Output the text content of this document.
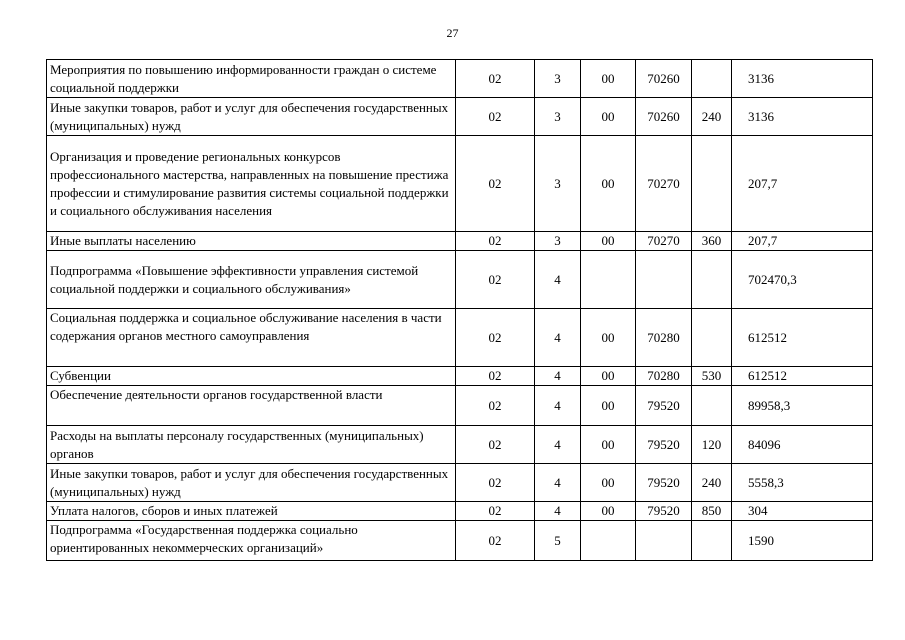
27
Мероприятия по повышению информированности граждан о системе социальной поддержки	02	3	00	70260		3136
Иные закупки товаров, работ и услуг для обеспечения государственных (муниципальных) нужд	02	3	00	70260	240	3136
Организация и проведение региональных конкурсов профессионального мастерства, направленных на повышение престижа профессии и стимулирование развития системы социальной поддержки и социального обслуживания населения	02	3	00	70270		207,7
Иные выплаты населению	02	3	00	70270	360	207,7
Подпрограмма «Повышение эффективности управления системой социальной поддержки и социального обслуживания»	02	4				702470,3
Социальная поддержка и социальное обслуживание населения в части содержания органов местного самоуправления	02	4	00	70280		612512
Субвенции	02	4	00	70280	530	612512
Обеспечение деятельности органов государственной власти	02	4	00	79520		89958,3
Расходы на выплаты персоналу государственных (муниципальных) органов	02	4	00	79520	120	84096
Иные закупки товаров, работ и услуг для обеспечения государственных (муниципальных) нужд	02	4	00	79520	240	5558,3
Уплата налогов, сборов и иных платежей	02	4	00	79520	850	304
Подпрограмма «Государственная поддержка социально ориентированных некоммерческих организаций»	02	5				1590
